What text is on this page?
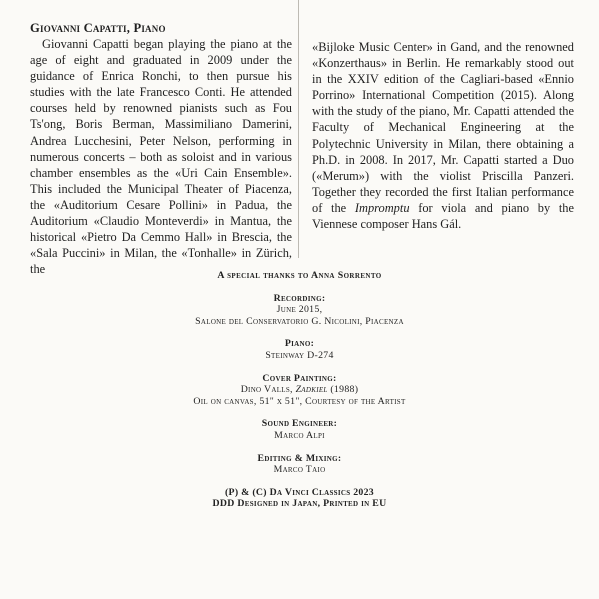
Giovanni Capatti, Piano

Giovanni Capatti began playing the piano at the age of eight and graduated in 2009 under the guidance of Enrica Ronchi, to then pursue his studies with the late Francesco Conti. He attended courses held by renowned pianists such as Fou Ts'ong, Boris Berman, Massimiliano Damerini, Andrea Lucchesini, Peter Nelson, performing in numerous concerts – both as soloist and in various chamber ensembles as the «Uri Cain Ensemble». This included the Municipal Theater of Piacenza, the «Auditorium Cesare Pollini» in Padua, the Auditorium «Claudio Monteverdi» in Mantua, the historical «Pietro Da Cemmo Hall» in Brescia, the «Sala Puccini» in Milan, the «Tonhalle» in Zürich, the

«Bijloke Music Center» in Gand, and the renowned «Konzerthaus» in Berlin. He remarkably stood out in the XXIV edition of the Cagliari-based «Ennio Porrino» International Competition (2015). Along with the study of the piano, Mr. Capatti attended the Faculty of Mechanical Engineering at the Polytechnic University in Milan, there obtaining a Ph.D. in 2008. In 2017, Mr. Capatti started a Duo («Merum») with the violist Priscilla Panzeri. Together they recorded the first Italian performance of the Impromptu for viola and piano by the Viennese composer Hans Gál.

A special thanks to Anna Sorrento
Recording:
June 2015,
Salone del Conservatorio G. Nicolini, Piacenza
Piano:
Steinway D-274
Cover Painting:
Dino Valls, Zadkiel (1988)
Oil on canvas, 51" x 51", Courtesy of the Artist
Sound Engineer:
Marco Alpi
Editing & Mixing:
Marco Taio
(P) & (C) Da Vinci Classics 2023
DDD Designed in Japan, Printed in EU
